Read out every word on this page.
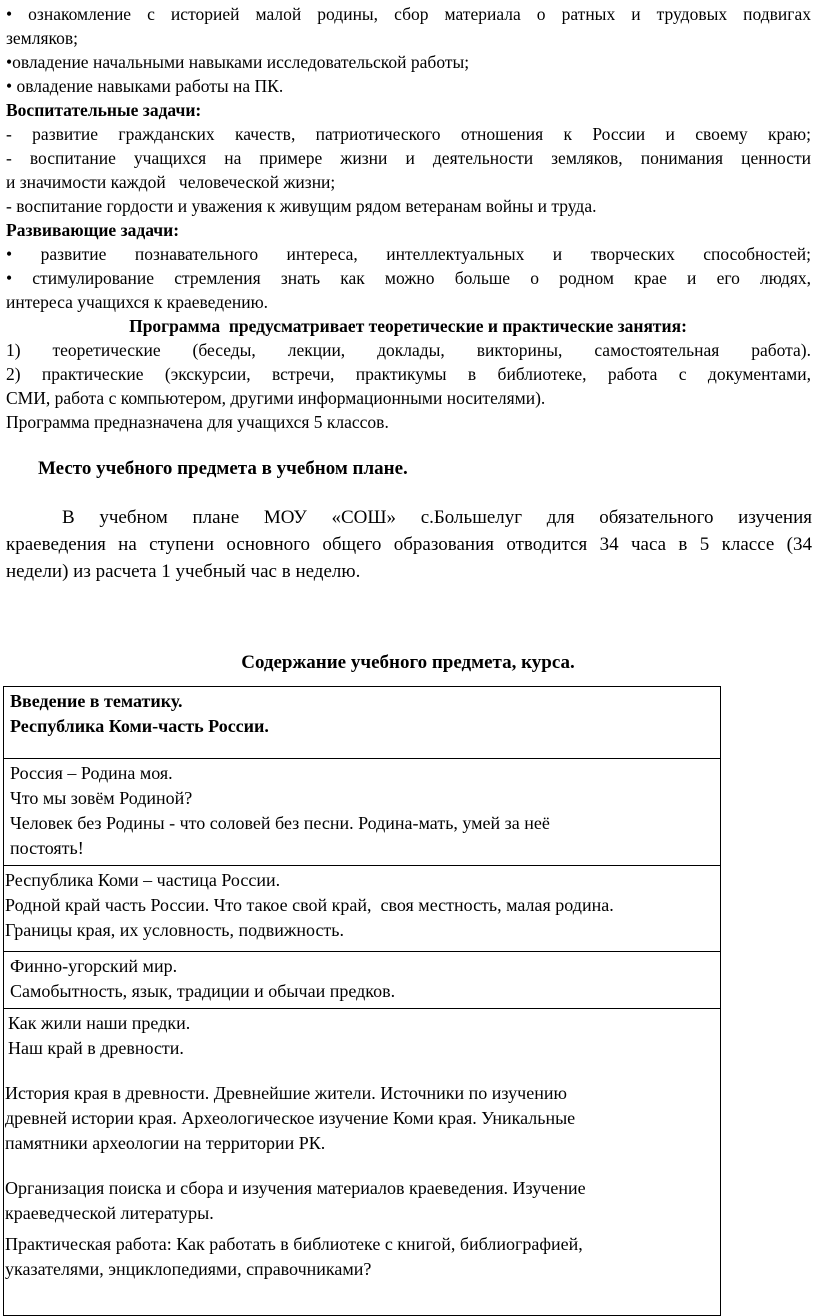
• ознакомление с историей малой родины, сбор материала о ратных и трудовых подвигах
земляков;
•овладение начальными навыками исследовательской работы;
• овладение навыками работы на ПК.
Воспитательные задачи:
- развитие гражданских качеств, патриотического отношения к России и своему краю;
- воспитание учащихся на примере жизни и деятельности земляков, понимания ценности
и значимости каждой   человеческой жизни;
- воспитание гордости и уважения к живущим рядом ветеранам войны и труда.
Развивающие задачи:
• развитие познавательного интереса, интеллектуальных и творческих способностей;
• стимулирование стремления знать как можно больше о родном крае и его людях,
интереса учащихся к краеведению.
Программа  предусматривает теоретические и практические занятия:
1) теоретические (беседы, лекции, доклады, викторины, самостоятельная работа).
2) практические (экскурсии, встречи, практикумы в библиотеке, работа с документами,
СМИ, работа с компьютером, другими информационными носителями).
Программа предназначена для учащихся 5 классов.
Место учебного предмета в учебном плане.
В учебном плане МОУ «СОШ» с.Большелуг для обязательного изучения
краеведения на ступени основного общего образования отводится 34 часа в 5 классе (34
недели) из расчета 1 учебный час в неделю.
Содержание учебного предмета, курса.
Введение в тематику.
Республика Коми-часть России.

Россия – Родина моя.
Что мы зовём Родиной?
Человек без Родины - что соловей без песни. Родина-мать, умей за неё
постоять!

Республика Коми – частица России.
Родной край часть России. Что такое свой край,  своя местность, малая родина.
Границы края, их условность, подвижность.

Финно-угорский мир.
Самобытность, язык, традиции и обычаи предков.

Как жили наши предки.
Наш край в древности.
История края в древности. Древнейшие жители. Источники по изучению
древней истории края. Археологическое изучение Коми края. Уникальные
памятники археологии на территории РК.
Организация поиска и сбора и изучения материалов краеведения. Изучение
краеведческой литературы.
Практическая работа: Как работать в библиотеке с книгой, библиографией,
указателями, энциклопедиями, справочниками?
